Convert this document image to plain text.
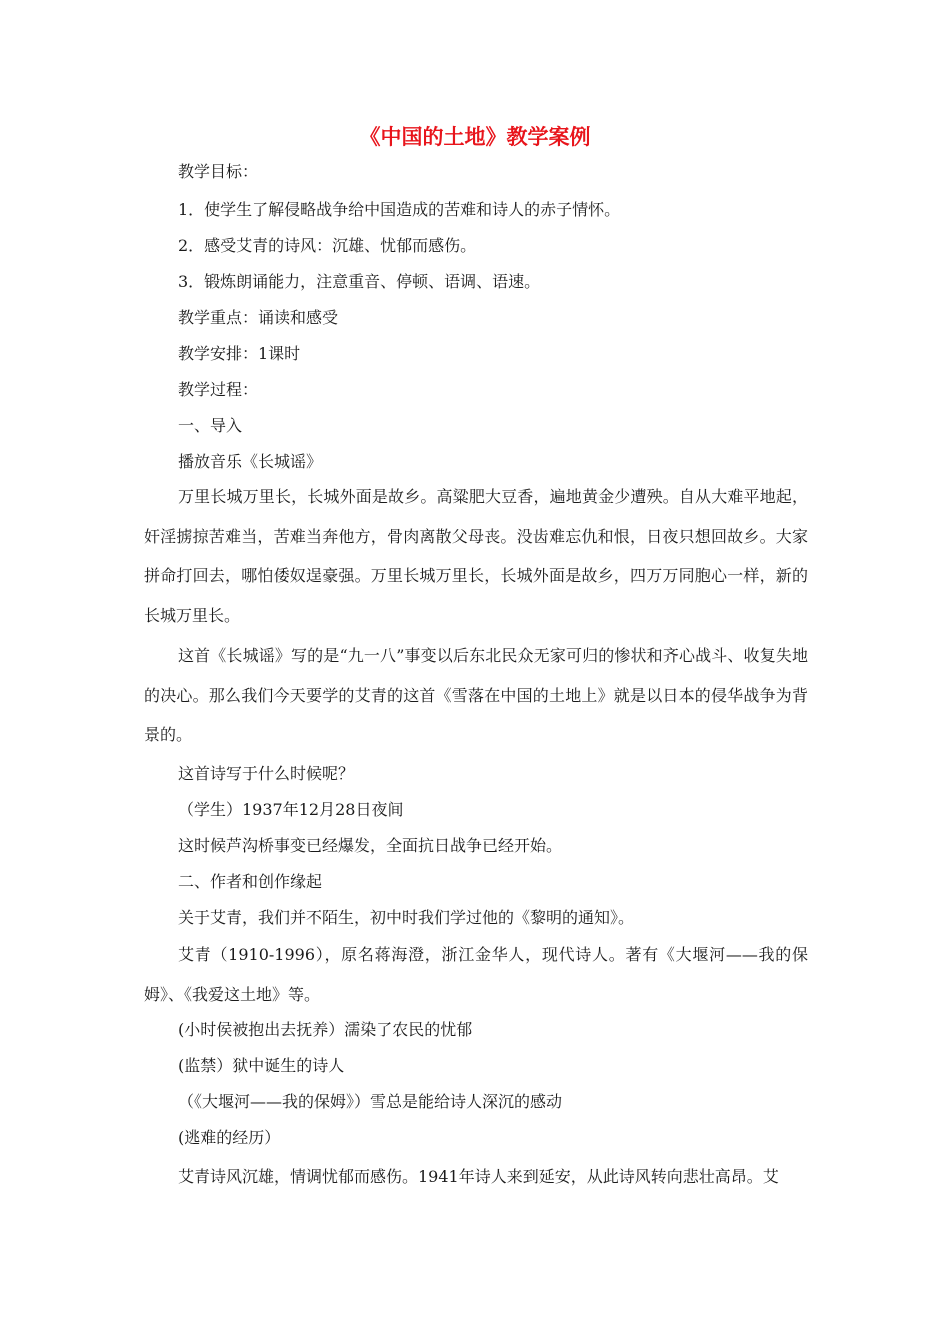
《中国的土地》教学案例
教学目标：
1．使学生了解侵略战争给中国造成的苦难和诗人的赤子情怀。
2．感受艾青的诗风：沉雄、忧郁而感伤。
3．锻炼朗诵能力，注意重音、停顿、语调、语速。
教学重点：诵读和感受
教学安排：1课时
教学过程：
一、导入
播放音乐《长城谣》
万里长城万里长，长城外面是故乡。高粱肥大豆香，遍地黄金少遭殃。自从大难平地起，奸淫掳掠苦难当，苦难当奔他方，骨肉离散父母丧。没齿难忘仇和恨，日夜只想回故乡。大家拼命打回去，哪怕倭奴逞豪强。万里长城万里长，长城外面是故乡，四万万同胞心一样，新的长城万里长。
这首《长城谣》写的是“九一八”事变以后东北民众无家可归的惨状和齐心战斗、收复失地的决心。那么我们今天要学的艾青的这首《雪落在中国的土地上》就是以日本的侵华战争为背景的。
这首诗写于什么时候呢？
（学生）1937年12月28日夜间
这时候芦沟桥事变已经爆发，全面抗日战争已经开始。
二、作者和创作缘起
关于艾青，我们并不陌生，初中时我们学过他的《黎明的通知》。
艾青（1910-1996），原名蒋海澄，浙江金华人，现代诗人。著有《大堰河——我的保姆》、《我爱这土地》等。
(小时侯被抱出去抚养）濡染了农民的忧郁
(监禁）狱中诞生的诗人
（《大堰河——我的保姆》）雪总是能给诗人深沉的感动
(逃难的经历）
艾青诗风沉雄，情调忧郁而感伤。1941年诗人来到延安，从此诗风转向悲壮高昂。艾
